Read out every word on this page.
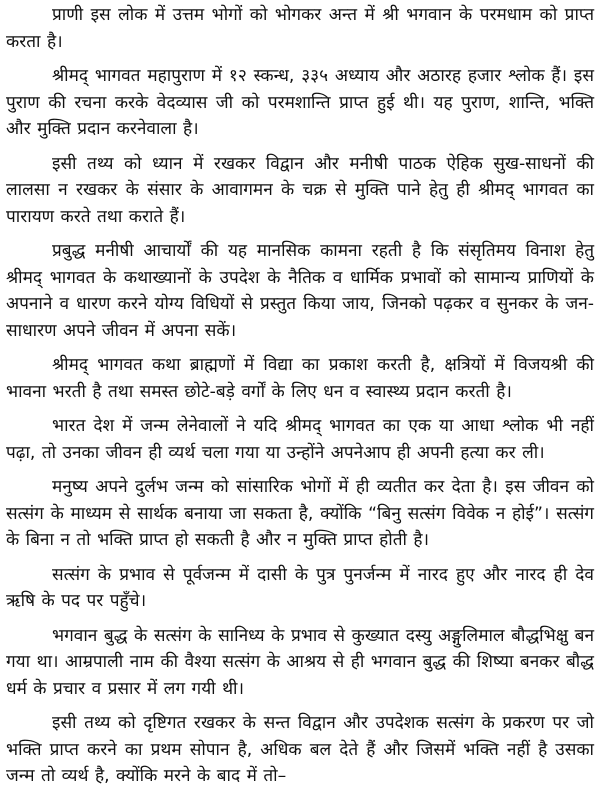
प्राणी इस लोक में उत्तम भोगों को भोगकर अन्त में श्री भगवान के परमधाम को प्राप्त करता है।

श्रीमद् भागवत महापुराण में १२ स्कन्ध, ३३५ अध्याय और अठारह हजार श्लोक हैं। इस पुराण की रचना करके वेदव्यास जी को परमशान्ति प्राप्त हुई थी। यह पुराण, शान्ति, भक्ति और मुक्ति प्रदान करनेवाला है।

इसी तथ्य को ध्यान में रखकर विद्वान और मनीषी पाठक ऐहिक सुख-साधनों की लालसा न रखकर के संसार के आवागमन के चक्र से मुक्ति पाने हेतु ही श्रीमद् भागवत का पारायण करते तथा कराते हैं।

प्रबुद्ध मनीषी आचार्यों की यह मानसिक कामना रहती है कि संसृतिमय विनाश हेतु श्रीमद् भागवत के कथाख्यानों के उपदेश के नैतिक व धार्मिक प्रभावों को सामान्य प्राणियों के अपनाने व धारण करने योग्य विधियों से प्रस्तुत किया जाय, जिनको पढ़कर व सुनकर के जन-साधारण अपने जीवन में अपना सकें।

श्रीमद् भागवत कथा ब्राह्मणों में विद्या का प्रकाश करती है, क्षत्रियों में विजयश्री की भावना भरती है तथा समस्त छोटे-बड़े वर्गों के लिए धन व स्वास्थ्य प्रदान करती है।

भारत देश में जन्म लेनेवालों ने यदि श्रीमद् भागवत का एक या आधा श्लोक भी नहीं पढ़ा, तो उनका जीवन ही व्यर्थ चला गया या उन्होंने अपनेआप ही अपनी हत्या कर ली।

मनुष्य अपने दुर्लभ जन्म को सांसारिक भोगों में ही व्यतीत कर देता है। इस जीवन को सत्संग के माध्यम से सार्थक बनाया जा सकता है, क्योंकि “बिनु सत्संग विवेक न होई”। सत्संग के बिना न तो भक्ति प्राप्त हो सकती है और न मुक्ति प्राप्त होती है।

सत्संग के प्रभाव से पूर्वजन्म में दासी के पुत्र पुनर्जन्म में नारद हुए और नारद ही देव ऋषि के पद पर पहुँचे।

भगवान बुद्ध के सत्संग के सानिध्य के प्रभाव से कुख्यात दस्यु अङ्गुलिमाल बौद्धभिक्षु बन गया था। आम्रपाली नाम की वैश्या सत्संग के आश्रय से ही भगवान बुद्ध की शिष्या बनकर बौद्ध धर्म के प्रचार व प्रसार में लग गयी थी।

इसी तथ्य को दृष्टिगत रखकर के सन्त विद्वान और उपदेशक सत्संग के प्रकरण पर जो भक्ति प्राप्त करने का प्रथम सोपान है, अधिक बल देते हैं और जिसमें भक्ति नहीं है उसका जन्म तो व्यर्थ है, क्योंकि मरने के बाद में तो–
